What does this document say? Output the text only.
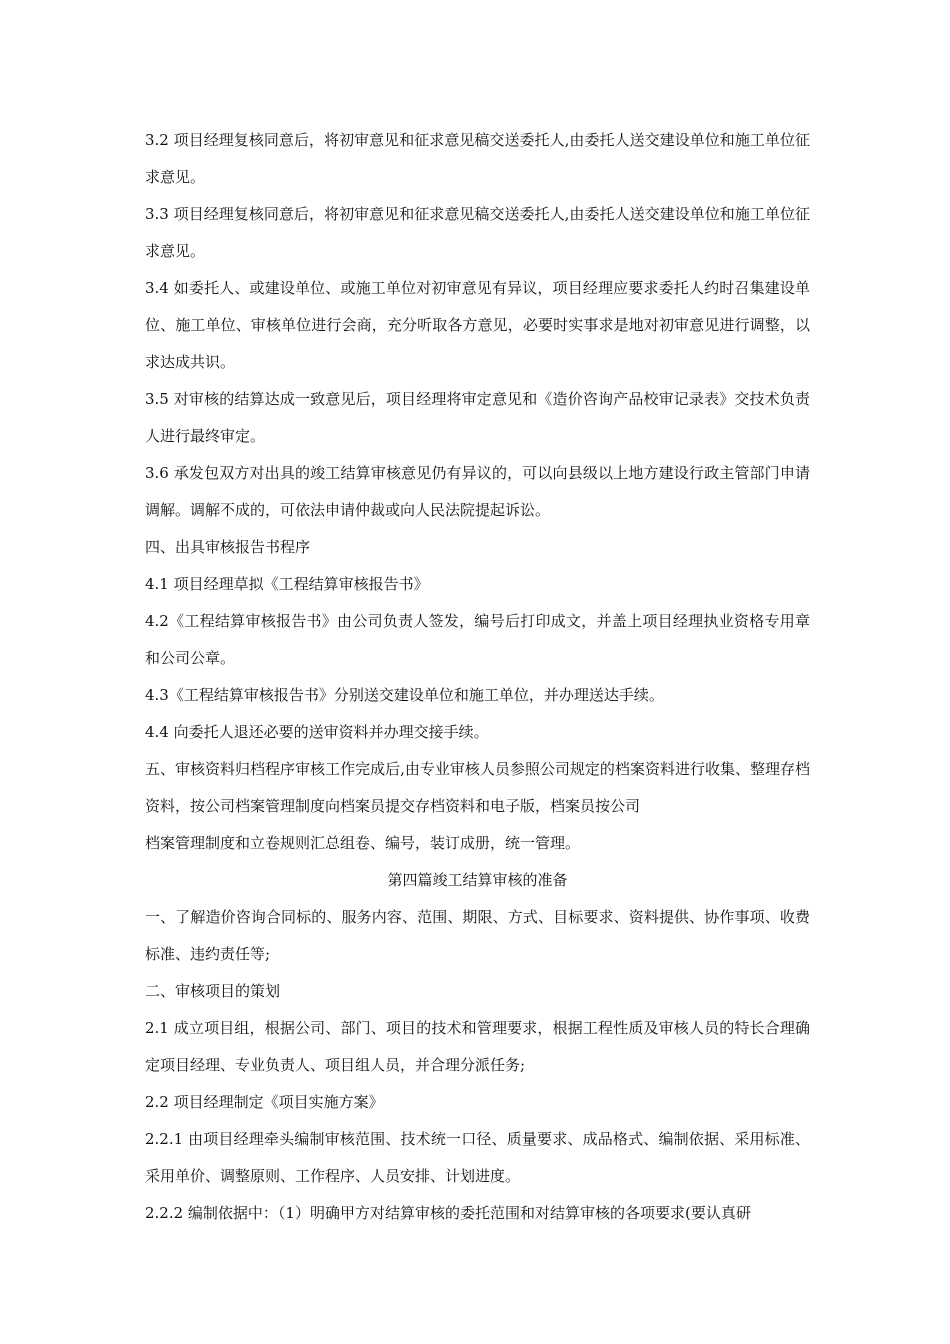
3.2 项目经理复核同意后，将初审意见和征求意见稿交送委托人,由委托人送交建设单位和施工单位征求意见。

3.3 项目经理复核同意后，将初审意见和征求意见稿交送委托人,由委托人送交建设单位和施工单位征求意见。

3.4 如委托人、或建设单位、或施工单位对初审意见有异议，项目经理应要求委托人约时召集建设单位、施工单位、审核单位进行会商，充分听取各方意见，必要时实事求是地对初审意见进行调整，以求达成共识。

3.5 对审核的结算达成一致意见后，项目经理将审定意见和《造价咨询产品校审记录表》交技术负责人进行最终审定。

3.6 承发包双方对出具的竣工结算审核意见仍有异议的，可以向县级以上地方建设行政主管部门申请调解。调解不成的，可依法申请仲裁或向人民法院提起诉讼。

四、出具审核报告书程序

4.1 项目经理草拟《工程结算审核报告书》

4.2《工程结算审核报告书》由公司负责人签发，编号后打印成文，并盖上项目经理执业资格专用章和公司公章。

4.3《工程结算审核报告书》分别送交建设单位和施工单位，并办理送达手续。

4.4 向委托人退还必要的送审资料并办理交接手续。

五、审核资料归档程序审核工作完成后,由专业审核人员参照公司规定的档案资料进行收集、整理存档资料，按公司档案管理制度向档案员提交存档资料和电子版，档案员按公司

档案管理制度和立卷规则汇总组卷、编号，装订成册，统一管理。

第四篇竣工结算审核的准备

一、了解造价咨询合同标的、服务内容、范围、期限、方式、目标要求、资料提供、协作事项、收费标准、违约责任等;

二、审核项目的策划

2.1 成立项目组，根据公司、部门、项目的技术和管理要求，根据工程性质及审核人员的特长合理确定项目经理、专业负责人、项目组人员，并合理分派任务;

2.2 项目经理制定《项目实施方案》

2.2.1 由项目经理牵头编制审核范围、技术统一口径、质量要求、成品格式、编制依据、采用标准、采用单价、调整原则、工作程序、人员安排、计划进度。

2.2.2 编制依据中：（1）明确甲方对结算审核的委托范围和对结算审核的各项要求(要认真研
